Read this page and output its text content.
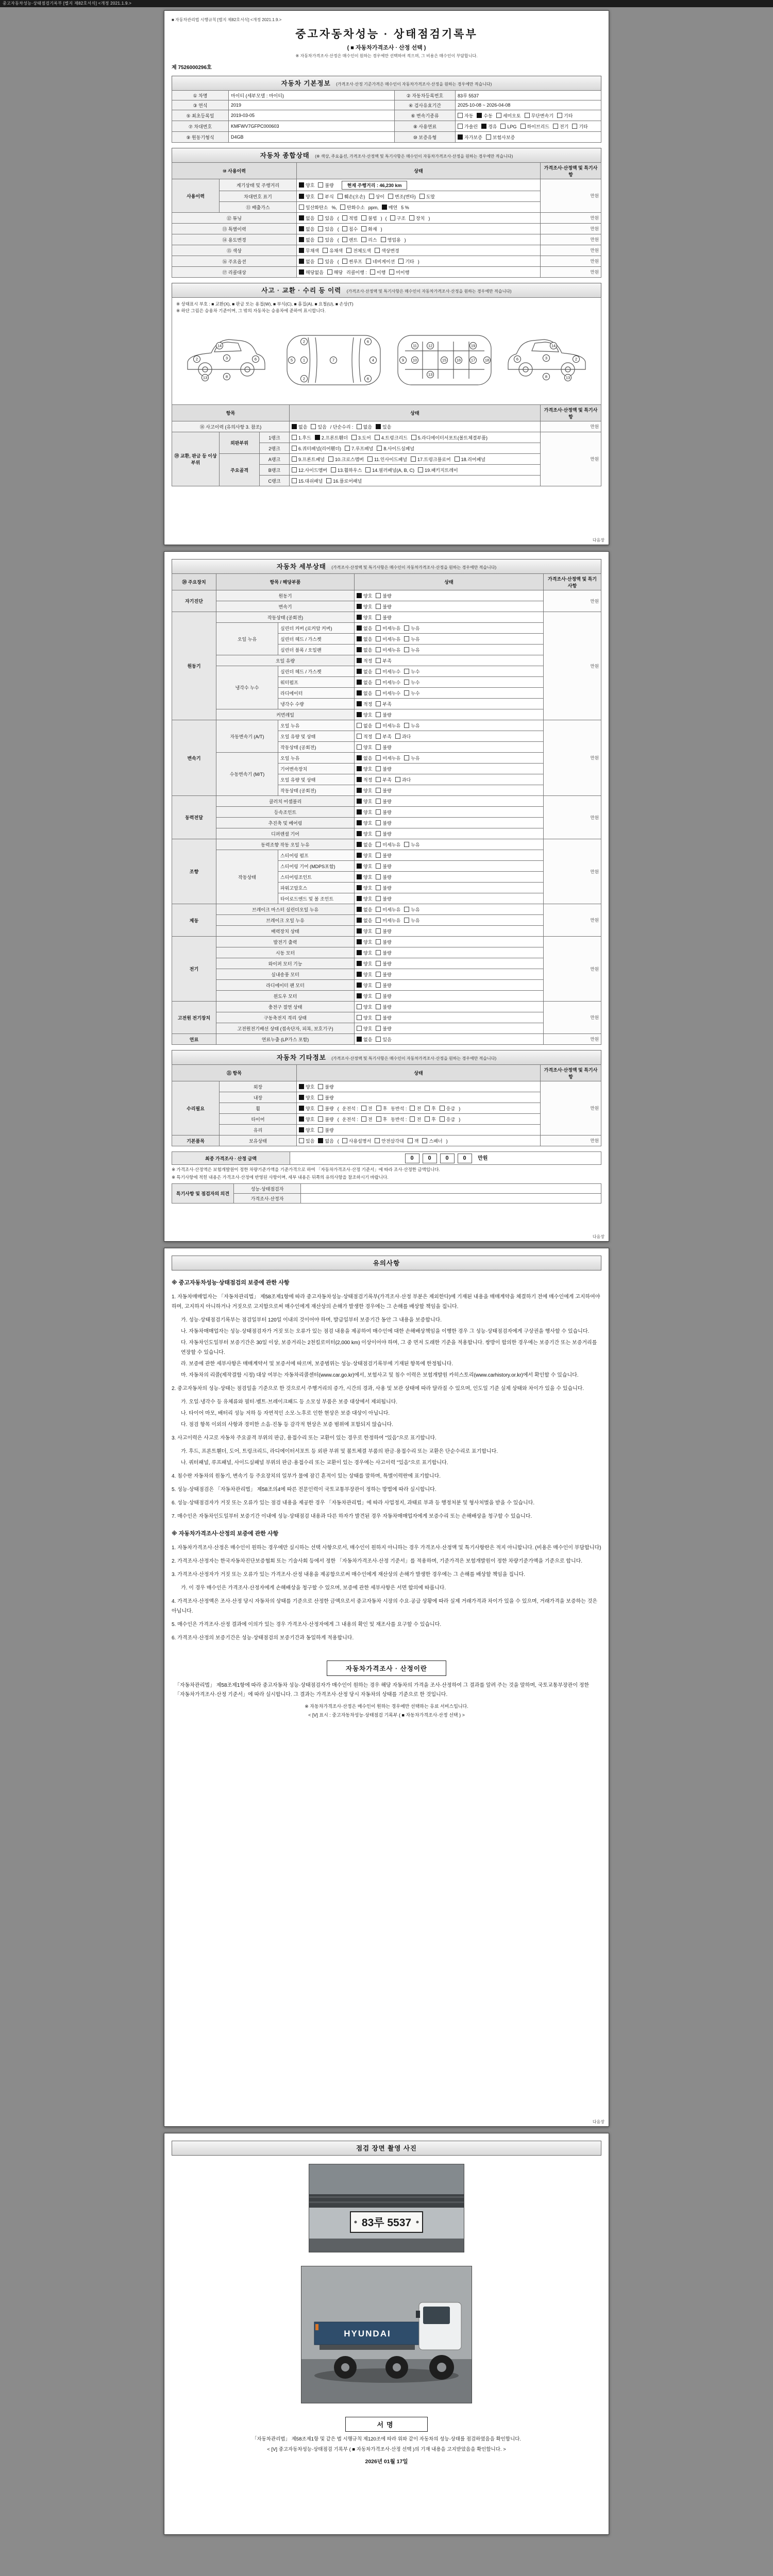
중고자동차성능·상태점검기록부 [별지 제82호서식] <개정 2021.1.9.>
■ 자동차관리법 시행규칙 [별지 제82호서식] <개정 2021.1.9.>
중고자동차성능 · 상태점검기록부
( ■ 자동차가격조사 · 산정 선택 )
※ 자동차가격조사·산정은 매수인이 원하는 경우에만 선택하여 적으며, 그 비용은 매수인이 부담합니다.
제 7526000296호
자동차 기본정보 (가격조사·산정 기준가격은 매수인이 자동차가격조사·산정을 원하는 경우에만 적습니다)
① 차명	마이티 (세부모델 : 마이티)	② 자동차등록번호	83루 5537
③ 연식	2019	④ 검사유효기간	2025-10-08 ~ 2026-04-08
⑤ 최초등록일	2019-03-05	⑥ 변속기종류	자동 수동 세미오토 무단변속기 기타
⑦ 차대번호	KMFWV7GFPC000603	⑧ 사용연료	가솔린 경유 LPG 하이브리드 전기 기타
⑨ 원동기형식	D4GB	⑩ 보증유형	자가보증 보험사보증
자동차 종합상태 (※ 색상, 주요옵션, 가격조사·산정액 및 특기사항은 매수인이 자동차가격조사·산정을 원하는 경우에만 적습니다)
⑩ 사용이력		상태	가격조사·산정액 및 특기사항
사용이력	계기상태 및 주행거리	양호 불량 현재 주행거리 : 46,230 km	만원
	차대번호 표기	양호 부식 훼손(오손) 상이 변조(변타) 도말	
	⑪ 배출가스	일산화탄소 %, 탄화수소 ppm, 매연 5 %	
⑫ 튜닝		없음 있음 ( 적법 불법 ) ( 구조 장치 )	만원
⑬ 특별이력		없음 있음 ( 침수 화재 )	만원
⑭ 용도변경		없음 있음 ( 렌트 리스 영업용 )	만원
⑮ 색상		무채색 유채색 전체도색 색상변경	만원
⑯ 주요옵션		없음 있음 ( 썬루프 네비게이션 기타 )	만원
⑰ 리콜대상		해당없음 해당 리콜이행 : 이행 미이행	만원
사고 · 교환 · 수리 등 이력 (가격조사·산정액 및 특기사항은 매수인이 자동차가격조사·산정을 원하는 경우에만 적습니다)
※ 상태표시 부호 : ■ 교환(X), ■ 판금 또는 용접(W), ■ 부식(C), ■ 흠집(A), ■ 요철(U), ■ 손상(T)
※ 하단 그림은 승용차 기준이며, 그 밖의 자동차는 승용차에 준하여 표시합니다.
2	3	6
8
13
14
5	1	7	4
2
2
6
6
9 10
11	12
13
15	16	17 18
19
2
3
6
8	13
14
항목			상태	가격조사·산정액 및 특기사항
⑱ 사고이력 (유의사항 3. 참조)			없음 있음 / 단순수리 : 없음 있음	만원
⑲ 교환, 판금 등 이상 부위	외판부위	1랭크	1.후드 2.프론트휀더 3.도어 4.트렁크리드 5.라디에이터서포트(볼트체결부품)	만원
		2랭크	6.쿼터패널(리어휀더) 7.루프패널 8.사이드실패널	
	주요골격	A랭크	9.프론트패널 10.크로스멤버 11.인사이드패널 17.트렁크플로어 18.리어패널	
		B랭크	12.사이드멤버 13.휠하우스 14.필러패널(A, B, C) 19.패키지트레이	
		C랭크	15.대쉬패널 16.플로어패널	
다음장
자동차 세부상태 (가격조사·산정액 및 특기사항은 매수인이 자동차가격조사·산정을 원하는 경우에만 적습니다)
⑳ 주요장치	항목 / 해당부품		상태	가격조사·산정액 및 특기사항
자기진단	원동기		양호 불량	만원
	변속기		양호 불량	
원동기	작동상태 (공회전)		양호 불량	만원
	오일 누유	실린더 커버 (로커암 커버)	없음 미세누유 누유	
		실린더 헤드 / 가스켓	없음 미세누유 누유	
		실린더 블록 / 오일팬	없음 미세누유 누유	
	오일 유량		적정 부족	
	냉각수 누수	실린더 헤드 / 가스켓	없음 미세누수 누수	
		워터펌프	없음 미세누수 누수	
		라디에이터	없음 미세누수 누수	
		냉각수 수량	적정 부족	
	커먼레일		양호 불량	
변속기	자동변속기 (A/T)	오일 누유	없음 미세누유 누유	만원
		오일 유량 및 상태	적정 부족 과다	
		작동상태 (공회전)	양호 불량	
	수동변속기 (M/T)	오일 누유	없음 미세누유 누유	
		기어변속장치	양호 불량	
		오일 유량 및 상태	적정 부족 과다	
		작동상태 (공회전)	양호 불량	
동력전달	클러치 어셈블리		양호 불량	만원
	등속조인트		양호 불량	
	추진축 및 베어링		양호 불량	
	디퍼렌셜 기어		양호 불량	
조향	동력조향 작동 오일 누유		없음 미세누유 누유	만원
	작동상태	스티어링 펌프	양호 불량	
		스티어링 기어 (MDPS포함)	양호 불량	
		스티어링조인트	양호 불량	
		파워고압호스	양호 불량	
		타이로드엔드 및 볼 조인트	양호 불량	
제동	브레이크 마스터 실린더오일 누유		없음 미세누유 누유	만원
	브레이크 오일 누유		없음 미세누유 누유	
	배력장치 상태		양호 불량	
전기	발전기 출력		양호 불량	만원
	시동 모터		양호 불량	
	와이퍼 모터 기능		양호 불량	
	실내송풍 모터		양호 불량	
	라디에이터 팬 모터		양호 불량	
	윈도우 모터		양호 불량	
고전원 전기장치	충전구 절연 상태		양호 불량	만원
	구동축전지 격리 상태		양호 불량	
	고전원전기배선 상태 (접속단자, 피복, 보호기구)		양호 불량	
연료	연료누출 (LP가스 포함)		없음 있음	만원
자동차 기타정보 (가격조사·산정액 및 특기사항은 매수인이 자동차가격조사·산정을 원하는 경우에만 적습니다)
㉑ 항목		상태	가격조사·산정액 및 특기사항
수리필요	외장	양호 불량	만원
	내장	양호 불량	
	휠	양호 불량 ( 운전석 : 전 후 동반석 : 전 후 응급 )	
	타이어	양호 불량 ( 운전석 : 전 후 동반석 : 전 후 응급 )	
	유리	양호 불량	
기본품목	보유상태	있음 없음 ( 사용설명서 안전삼각대 잭 스패너 )	만원
최종 가격조사 · 산정 금액	0	0	0	0 만원
※ 가격조사·산정액은 보험개발원이 정한 차량기준가액을 기준가격으로 하여 「자동차가격조사·산정 기준서」에 따라 조사·산정한 금액입니다.
※ 특기사항에 적힌 내용은 가격조사·산정에 반영된 사항이며, 세부 내용은 뒤쪽의 유의사항을 참조하시기 바랍니다.
특기사항 및 점검자의 의견	성능·상태점검자	
	가격조사·산정자	
다음장
유의사항
※ 중고자동차성능·상태점검의 보증에 관한 사항
1. 자동차매매업자는 「자동차관리법」 제58조제1항에 따라 중고자동차성능·상태점검기록부(가격조사·산정 부분은 제외한다)에 기재된 내용을 매매계약을 체결하기 전에 매수인에게 고지하여야 하며, 고지하지 아니하거나 거짓으로 고지함으로써 매수인에게 재산상의 손해가 발생한 경우에는 그 손해를 배상할 책임을 집니다.
가. 성능·상태점검기록부는 점검일부터 120일 이내의 것이어야 하며, 발급일부터 보증기간 동안 그 내용을 보증합니다.
나. 자동차매매업자는 성능·상태점검자가 거짓 또는 오류가 있는 점검 내용을 제공하여 매수인에 대한 손해배상책임을 이행한 경우 그 성능·상태점검자에게 구상권을 행사할 수 있습니다.
다. 자동차인도일부터 보증기간은 30일 이상, 보증거리는 2천킬로미터(2,000 km) 이상이어야 하며, 그 중 먼저 도래한 기준을 적용합니다. 쌍방이 합의한 경우에는 보증기간 또는 보증거리를 연장할 수 있습니다.
라. 보증에 관한 세부사항은 매매계약서 및 보증서에 따르며, 보증범위는 성능·상태점검기록부에 기재된 항목에 한정됩니다.
마. 자동차의 리콜(제작결함 시정) 대상 여부는 자동차리콜센터(www.car.go.kr)에서, 보험사고 및 침수 이력은 보험개발원 카히스토리(www.carhistory.or.kr)에서 확인할 수 있습니다.
2. 중고자동차의 성능·상태는 점검일을 기준으로 한 것으로서 주행거리의 증가, 시간의 경과, 사용 및 보관 상태에 따라 달라질 수 있으며, 인도일 기준 실제 상태와 차이가 있을 수 있습니다.
가. 오일·냉각수 등 유체류와 필터·벨트·브레이크패드 등 소모성 부품은 보증 대상에서 제외됩니다.
나. 타이어 마모, 배터리 성능 저하 등 자연적인 소모·노후로 인한 현상은 보증 대상이 아닙니다.
다. 점검 항목 이외의 사항과 경미한 소음·진동 등 감각적 현상은 보증 범위에 포함되지 않습니다.
3. 사고이력은 사고로 자동차 주요골격 부위의 판금, 용접수리 또는 교환이 있는 경우로 한정하여 "있음"으로 표기합니다.
가. 후드, 프론트휀더, 도어, 트렁크리드, 라디에이터서포트 등 외판 부위 및 볼트체결 부품의 판금·용접수리 또는 교환은 단순수리로 표기합니다.
나. 쿼터패널, 루프패널, 사이드실패널 부위의 판금·용접수리 또는 교환이 있는 경우에는 사고이력 "있음"으로 표기합니다.
4. 침수란 자동차의 원동기, 변속기 등 주요장치의 일부가 물에 잠긴 흔적이 있는 상태를 말하며, 특별이력란에 표기합니다.
5. 성능·상태점검은 「자동차관리법」 제58조의4에 따른 전문인력이 국토교통부장관이 정하는 방법에 따라 실시합니다.
6. 성능·상태점검자가 거짓 또는 오류가 있는 점검 내용을 제공한 경우 「자동차관리법」에 따라 사업정지, 과태료 부과 등 행정처분 및 형사처벌을 받을 수 있습니다.
7. 매수인은 자동차인도일부터 보증기간 이내에 성능·상태점검 내용과 다른 하자가 발견된 경우 자동차매매업자에게 보증수리 또는 손해배상을 청구할 수 있습니다.
※ 자동차가격조사·산정의 보증에 관한 사항
1. 자동차가격조사·산정은 매수인이 원하는 경우에만 실시하는 선택 사항으로서, 매수인이 원하지 아니하는 경우 가격조사·산정액 및 특기사항란은 적지 아니합니다. (비용은 매수인이 부담합니다)
2. 가격조사·산정자는 한국자동차진단보증협회 또는 기술사회 등에서 정한 「자동차가격조사·산정 기준서」를 적용하며, 기준가격은 보험개발원이 정한 차량기준가액을 기준으로 합니다.
3. 가격조사·산정자가 거짓 또는 오류가 있는 가격조사·산정 내용을 제공함으로써 매수인에게 재산상의 손해가 발생한 경우에는 그 손해를 배상할 책임을 집니다.
가. 이 경우 매수인은 가격조사·산정자에게 손해배상을 청구할 수 있으며, 보증에 관한 세부사항은 서면 합의에 따릅니다.
4. 가격조사·산정액은 조사·산정 당시 자동차의 상태를 기준으로 산정한 금액으로서 중고자동차 시장의 수요·공급 상황에 따라 실제 거래가격과 차이가 있을 수 있으며, 거래가격을 보증하는 것은 아닙니다.
5. 매수인은 가격조사·산정 결과에 이의가 있는 경우 가격조사·산정자에게 그 내용의 확인 및 재조사를 요구할 수 있습니다.
6. 가격조사·산정의 보증기간은 성능·상태점검의 보증기간과 동일하게 적용합니다.
자동차가격조사 · 산정이란
「자동차관리법」 제58조제1항에 따라 중고자동차 성능·상태점검자가 매수인이 원하는 경우 해당 자동차의 가격을 조사·산정하여 그 결과를 알려 주는 것을 말하며, 국토교통부장관이 정한 「자동차가격조사·산정 기준서」에 따라 실시합니다. 그 결과는 가격조사·산정 당시 자동차의 상태를 기준으로 한 것입니다.
※ 자동차가격조사·산정은 매수인이 원하는 경우에만 선택하는 유료 서비스입니다.
< [V] 표시 : 중고자동차성능·상태점검 기록부 ( ■ 자동차가격조사·산정 선택 ) >
다음장
점검 장면 촬영 사진
83루 5537
HYUNDAI
서명
「자동차관리법」 제58조제1항 및 같은 법 시행규칙 제120조에 따라 위와 같이 자동차의 성능·상태를 점검하였음을 확인합니다.
< [V] 중고자동차성능·상태점검 기록부 ( ■ 자동차가격조사·산정 선택 )의 기재 내용을 고지받았음을 확인합니다. >
2026년 01월 17일
